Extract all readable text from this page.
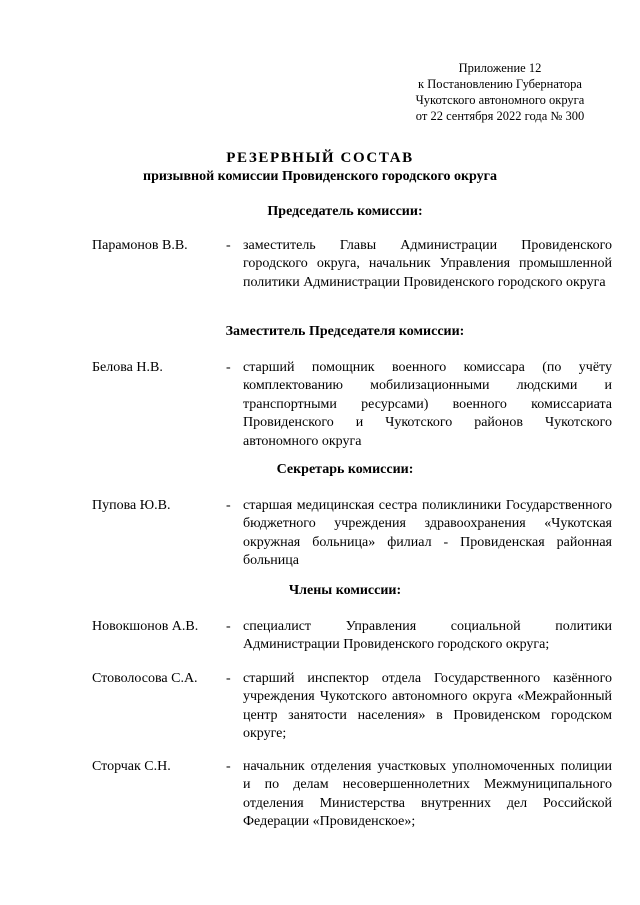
Приложение 12
к Постановлению Губернатора
Чукотского автономного округа
от 22 сентября 2022 года № 300
РЕЗЕРВНЫЙ СОСТАВ
призывной комиссии Провиденского городского округа
Председатель комиссии:
Парамонов В.В.	- заместитель Главы Администрации Провиденского городского округа, начальник Управления промышленной политики Администрации Провиденского городского округа
Заместитель Председателя комиссии:
Белова Н.В.	- старший помощник военного комиссара (по учёту комплектованию мобилизационными людскими и транспортными ресурсами) военного комиссариата Провиденского и Чукотского районов Чукотского автономного округа
Секретарь комиссии:
Пупова Ю.В.	- старшая медицинская сестра поликлиники Государственного бюджетного учреждения здравоохранения «Чукотская окружная больница» филиал - Провиденская районная больница
Члены комиссии:
Новокшонов А.В. - специалист Управления социальной политики Администрации Провиденского городского округа;
Стоволосова С.А. - старший инспектор отдела Государственного казённого учреждения Чукотского автономного округа «Межрайонный центр занятости населения» в Провиденском городском округе;
Сторчак С.Н.	- начальник отделения участковых уполномоченных полиции и по делам несовершеннолетних Межмуниципального отделения Министерства внутренних дел Российской Федерации «Провиденское»;
